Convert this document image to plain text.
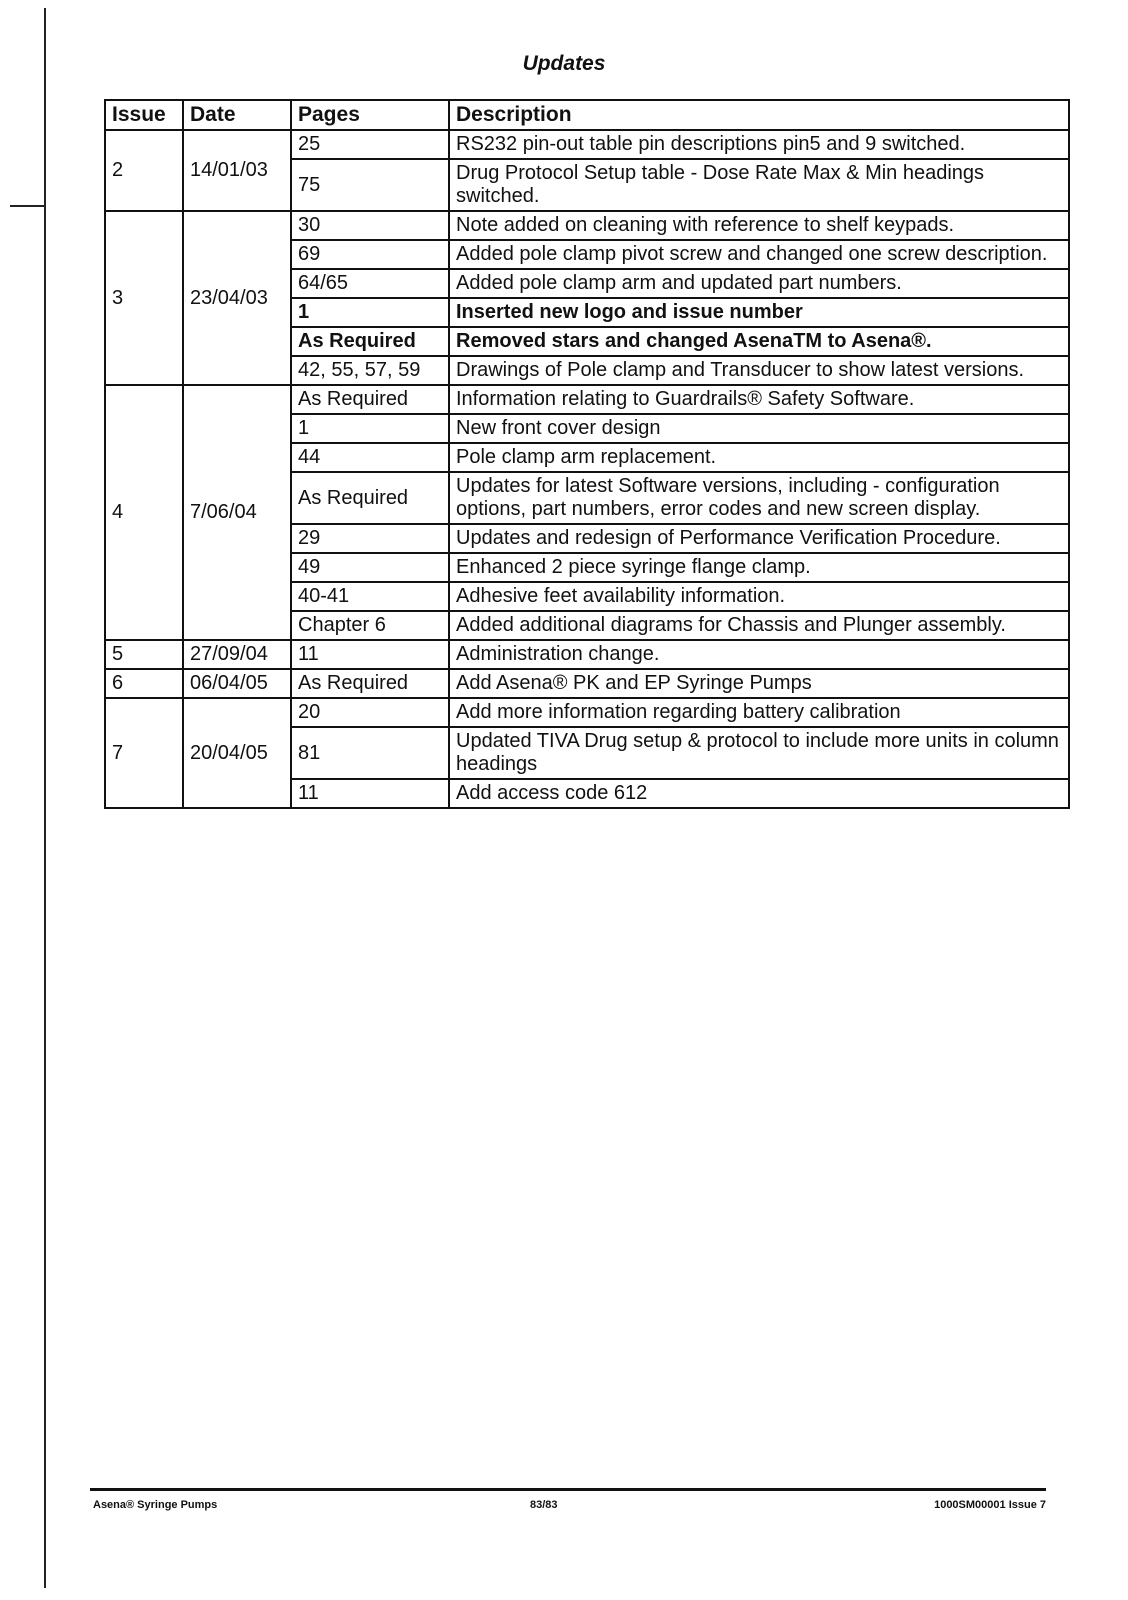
Updates
Issue	Date	Pages	Description
2	14/01/03	25	RS232 pin-out table pin descriptions pin5 and 9 switched.
		75	Drug Protocol Setup table - Dose Rate Max & Min headings switched.
3	23/04/03	30	Note added on cleaning with reference to shelf keypads.
		69	Added pole clamp pivot screw and changed one screw description.
		64/65	Added pole clamp arm and updated part numbers.
		1	Inserted new logo and issue number
		As Required	Removed stars and changed AsenaTM to Asena®.
		42, 55, 57, 59	Drawings of Pole clamp and Transducer to show latest versions.
4	7/06/04	As Required	Information relating to Guardrails® Safety Software.
		1	New front cover design
		44	Pole clamp arm replacement.
		As Required	Updates for latest Software versions, including - configuration options, part numbers, error codes and new screen display.
		29	Updates and redesign of Performance Verification Procedure.
		49	Enhanced 2 piece syringe flange clamp.
		40-41	Adhesive feet availability information.
		Chapter 6	Added additional diagrams for Chassis and Plunger assembly.
5	27/09/04	11	Administration change.
6	06/04/05	As Required	Add Asena® PK and EP Syringe Pumps
7	20/04/05	20	Add more information regarding battery calibration
		81	Updated TIVA Drug setup & protocol to include more units in column headings
		11	Add access code 612
Asena® Syringe Pumps	83/83	1000SM00001 Issue 7
